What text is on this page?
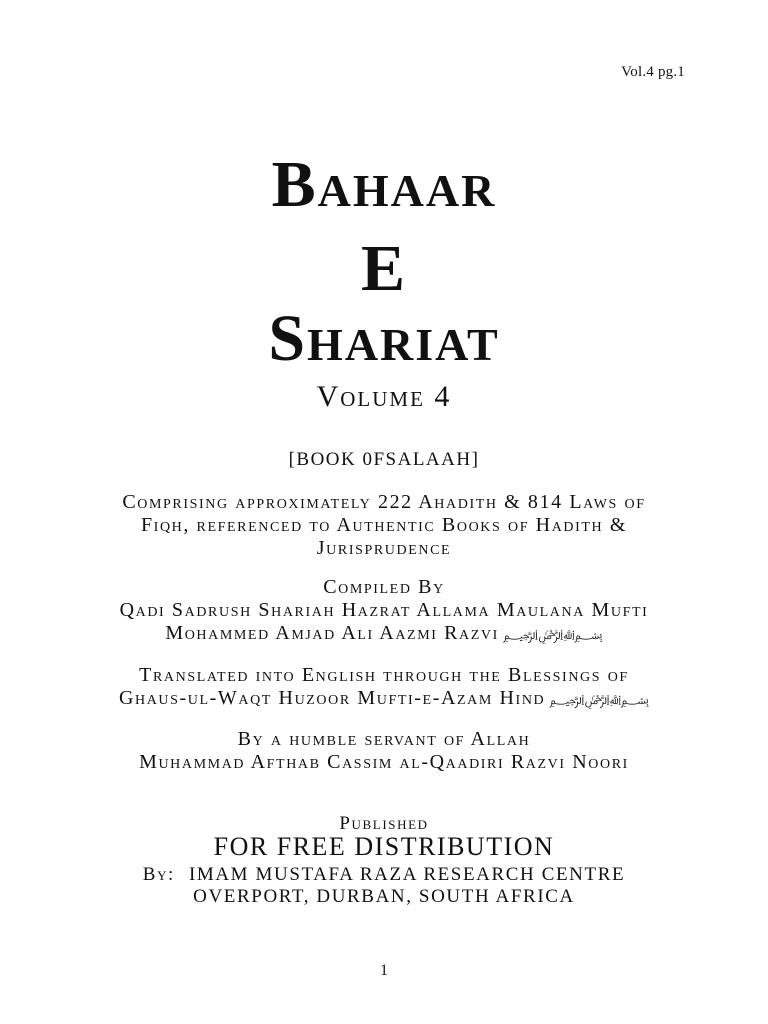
Vol.4 pg.1
Bahaar
E
Shariat
Volume 4
[BOOK 0FSALAAH]
Comprising approximately 222 Ahadith & 814 Laws of
Fiqh, referenced to Authentic Books of Hadith &
Jurisprudence
Compiled By
Qadi Sadrush Shariah Hazrat Allama Maulana Mufti
Mohammed Amjad Ali Aazmi Razvi ﷽
Translated into English through the Blessings of
Ghaus-ul-Waqt Huzoor Mufti-e-Azam Hind ﷽
By a humble servant of Allah
Muhammad Afthab Cassim al-Qaadiri Razvi Noori
Published
FOR FREE DISTRIBUTION
By: IMAM MUSTAFA RAZA RESEARCH CENTRE
OVERPORT, DURBAN, SOUTH AFRICA
1
